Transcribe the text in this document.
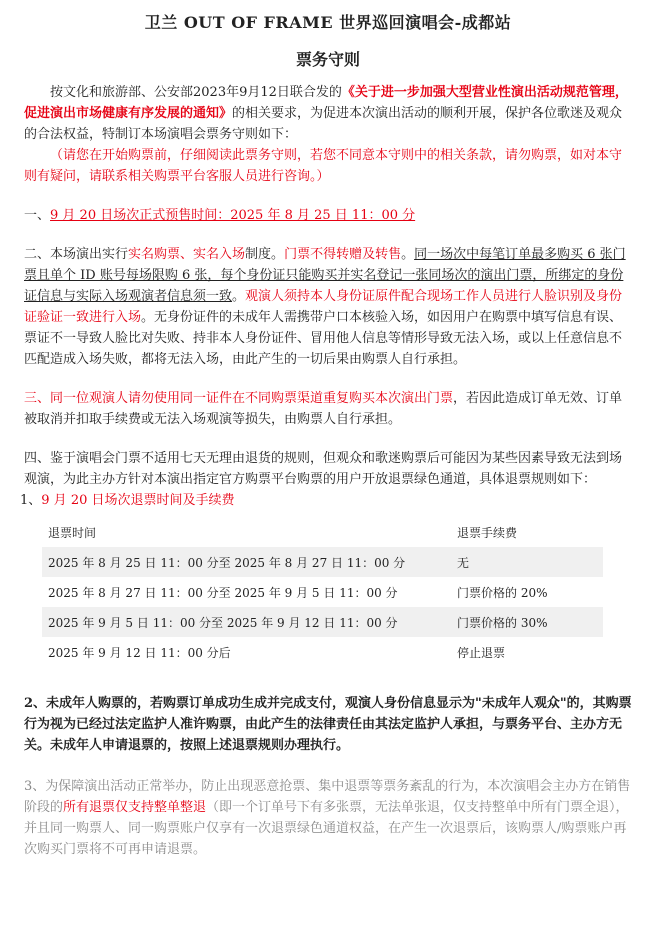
卫兰 OUT OF FRAME 世界巡回演唱会-成都站
票务守则

按文化和旅游部、公安部2023年9月12日联合发的《关于进一步加强大型营业性演出活动规范管理，促进演出市场健康有序发展的通知》的相关要求，为促进本次演出活动的顺利开展，保护各位歌迷及观众的合法权益，特制订本场演唱会票务守则如下：

（请您在开始购票前，仔细阅读此票务守则，若您不同意本守则中的相关条款，请勿购票，如对本守则有疑问，请联系相关购票平台客服人员进行咨询。）

一、9 月 20 日场次正式预售时间：2025 年 8 月 25 日 11：00 分

二、本场演出实行实名购票、实名入场制度。门票不得转赠及转售。同一场次中每笔订单最多购买 6 张门票且单个 ID 账号每场限购 6 张，每个身份证只能购买并实名登记一张同场次的演出门票，所绑定的身份证信息与实际入场观演者信息须一致。观演人须持本人身份证原件配合现场工作人员进行人脸识别及身份证验证一致进行入场。无身份证件的未成年人需携带户口本核验入场，如因用户在购票中填写信息有误、票证不一导致人脸比对失败、持非本人身份证件、冒用他人信息等情形导致无法入场，或以上任意信息不匹配造成入场失败，都将无法入场，由此产生的一切后果由购票人自行承担。

三、同一位观演人请勿使用同一证件在不同购票渠道重复购买本次演出门票，若因此造成订单无效、订单被取消并扣取手续费或无法入场观演等损失，由购票人自行承担。

四、鉴于演唱会门票不适用七天无理由退货的规则，但观众和歌迷购票后可能因为某些因素导致无法到场观演，为此主办方针对本演出指定官方购票平台购票的用户开放退票绿色通道，具体退票规则如下：

1、9 月 20 日场次退票时间及手续费

退票时间	退票手续费
2025 年 8 月 25 日 11：00 分至 2025 年 8 月 27 日 11：00 分	无
2025 年 8 月 27 日 11：00 分至 2025 年 9 月 5 日 11：00 分	门票价格的 20%
2025 年 9 月 5 日 11：00 分至 2025 年 9 月 12 日 11：00 分	门票价格的 30%
2025 年 9 月 12 日 11：00 分后	停止退票

2、未成年人购票的，若购票订单成功生成并完成支付，观演人身份信息显示为"未成年人观众"的，其购票行为视为已经过法定监护人准许购票，由此产生的法律责任由其法定监护人承担，与票务平台、主办方无关。未成年人申请退票的，按照上述退票规则办理执行。

3、为保障演出活动正常举办，防止出现恶意抢票、集中退票等票务紊乱的行为，本次演唱会主办方在销售阶段的所有退票仅支持整单整退（即一个订单号下有多张票，无法单张退，仅支持整单中所有门票全退），并且同一购票人、同一购票账户仅享有一次退票绿色通道权益，在产生一次退票后，该购票人/购票账户再次购买门票将不可再申请退票。
